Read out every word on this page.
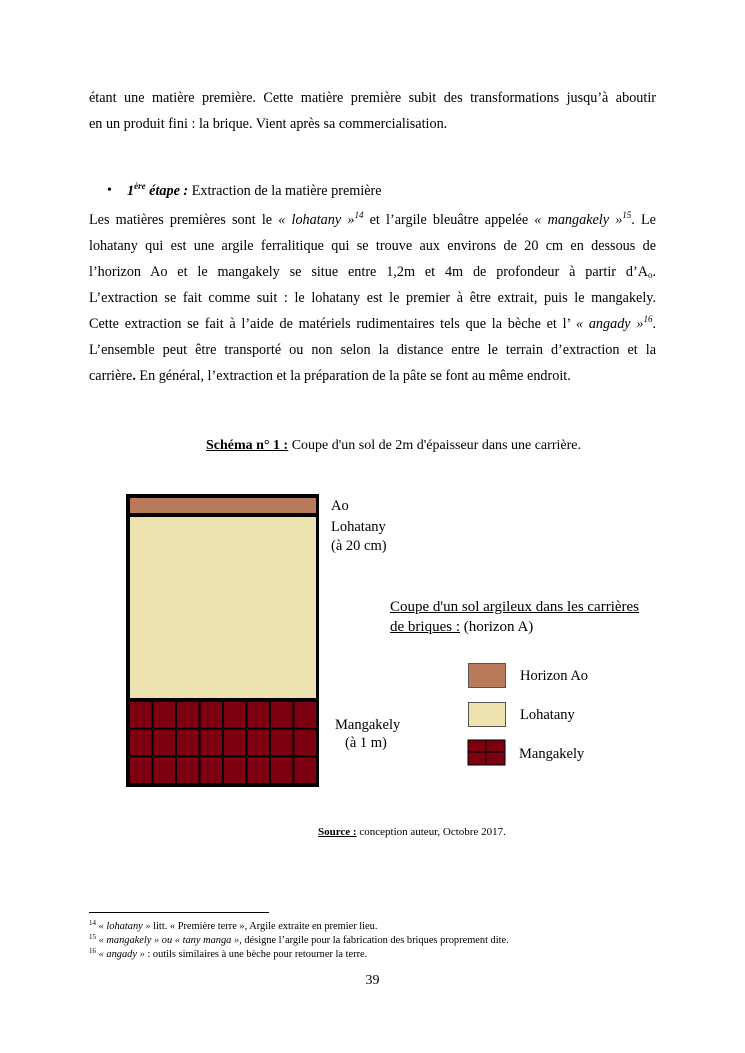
étant une matière première. Cette matière première subit des transformations jusqu’à aboutir
en un produit fini : la brique. Vient après sa commercialisation.
• 1ère étape : Extraction de la matière première
Les matières premières sont le « lohatany »$^{14}$ et l’argile bleuâtre appelée « mangakely »$^{15}$. Le
lohatany qui est une argile ferralitique qui se trouve aux environs de 20 cm en dessous de
l’horizon Ao et le mangakely se situe entre 1,2m et 4m de profondeur à partir $d’A_o$.
L’extraction se fait comme suit : le lohatany est le premier à être extrait, puis le mangakely.
Cette extraction se fait à l’aide de matériels rudimentaires tels que la bèche et l’ « angady »$^{16}$.
L’ensemble peut être transporté ou non selon la distance entre le terrain d’extraction et la
carrière. En général, l’extraction et la préparation de la pâte se font au même endroit.
Schéma n° 1 : Coupe d'un sol de 2m d'épaisseur dans une carrière.
Ao
Lohatany
(à 20 cm)
Mangakely
(à 1 m)
Coupe d'un sol argileux dans les carrières
de briques : (horizon A)
Horizon Ao
Lohatany
Mangakely
Source : conception auteur, Octobre 2017.
$^{14}$ « lohatany » litt. « Première terre », Argile extraite en premier lieu.
$^{15}$ « mangakely » ou « tany manga », désigne l’argile pour la fabrication des briques proprement dite.
$^{16}$ « angady » : outils similaires à une bèche pour retourner la terre.
39
